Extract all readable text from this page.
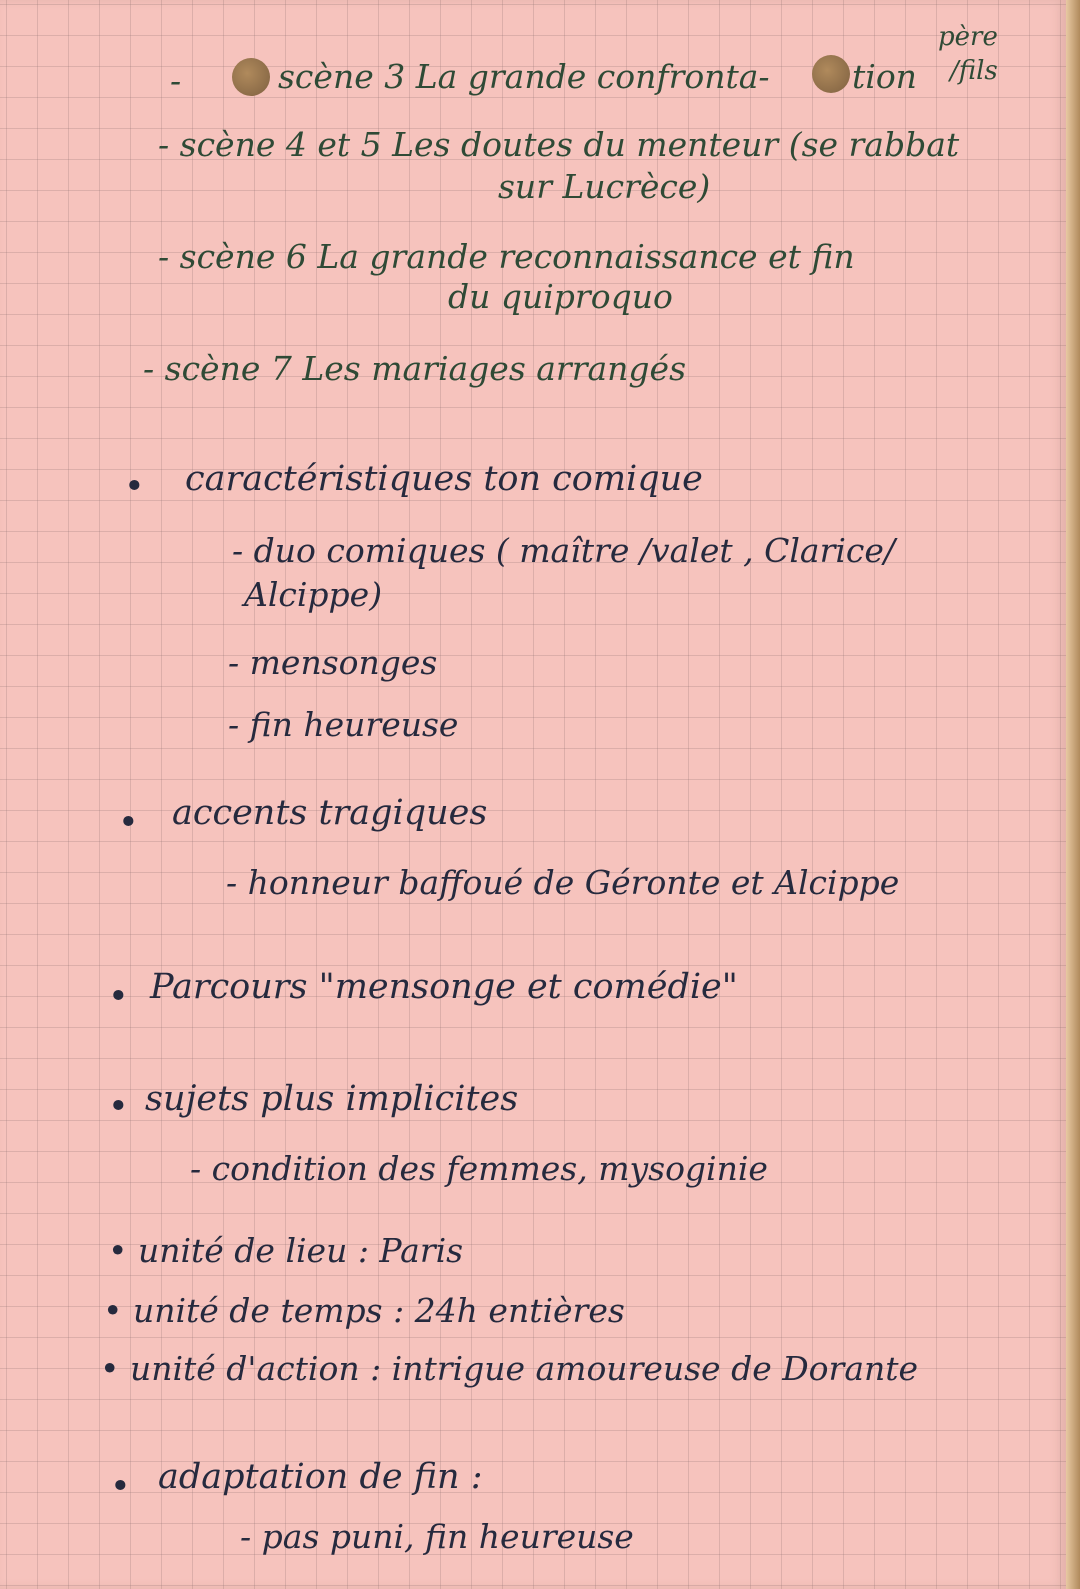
-	scène 3 La grande confronta- tion
père
/fils
- scène 4 et 5 Les doutes du menteur (se rabbat
sur Lucrèce)
- scène 6 La grande reconnaissance et fin
du quiproquo
- scène 7 Les mariages arrangés
• caractéristiques ton comique
- duo comiques ( maître /valet , Clarice/
Alcippe)
- mensonges
- fin heureuse
• accents tragiques
- honneur baffoué de Géronte et Alcippe
• Parcours "mensonge et comédie"
• sujets plus implicites
- condition des femmes, mysoginie
• unité de lieu : Paris
• unité de temps : 24h entières
• unité d'action : intrigue amoureuse de Dorante
• adaptation de fin :
- pas puni, fin heureuse
